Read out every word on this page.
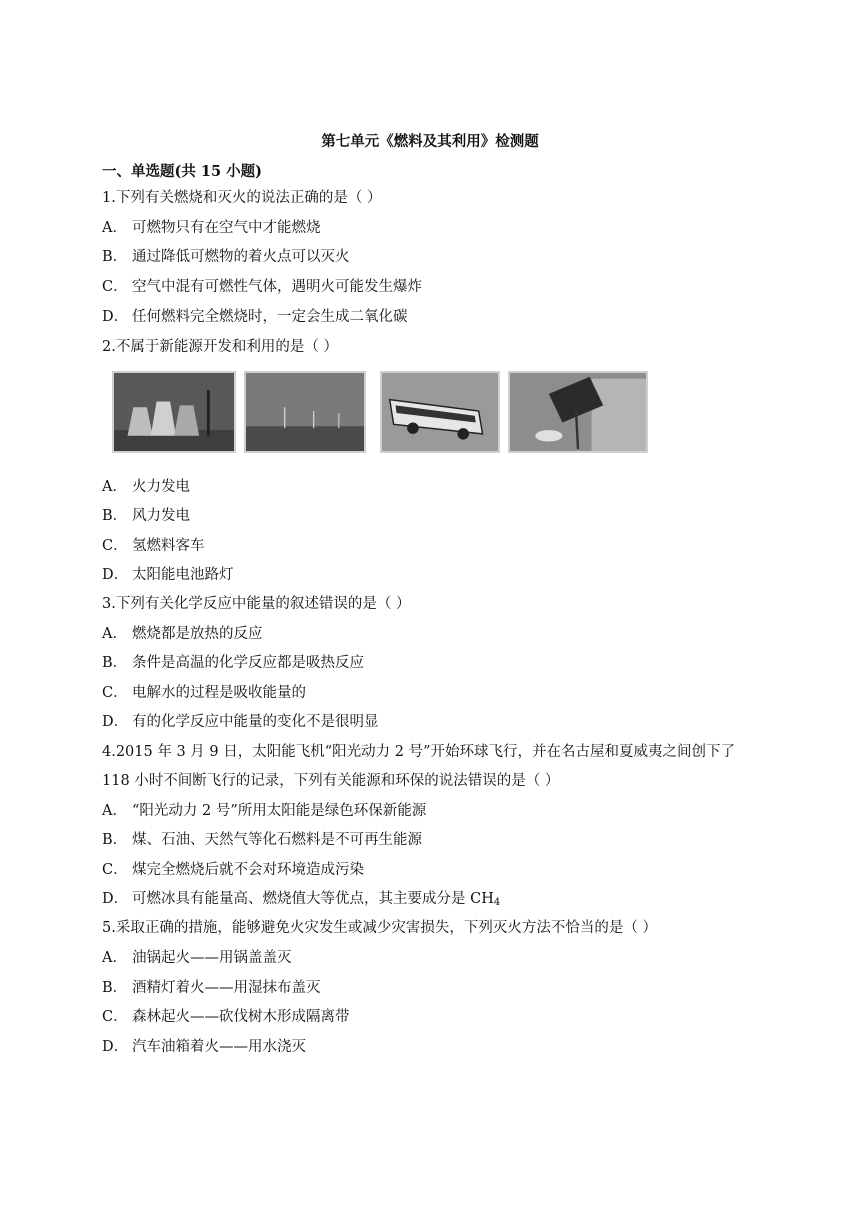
第七单元《燃料及其利用》检测题
一、单选题(共 15 小题)
1.下列有关燃烧和灭火的说法正确的是（ ）
A． 可燃物只有在空气中才能燃烧
B． 通过降低可燃物的着火点可以灭火
C． 空气中混有可燃性气体，遇明火可能发生爆炸
D． 任何燃料完全燃烧时，一定会生成二氧化碳
2.不属于新能源开发和利用的是（ ）
A． 火力发电
B． 风力发电
C． 氢燃料客车
D． 太阳能电池路灯
3.下列有关化学反应中能量的叙述错误的是（ ）
A． 燃烧都是放热的反应
B． 条件是高温的化学反应都是吸热反应
C． 电解水的过程是吸收能量的
D． 有的化学反应中能量的变化不是很明显
4.2015 年 3 月 9 日，太阳能飞机“阳光动力 2 号”开始环球飞行，并在名古屋和夏威夷之间创下了
118 小时不间断飞行的记录，下列有关能源和环保的说法错误的是（ ）
A． “阳光动力 2 号”所用太阳能是绿色环保新能源
B． 煤、石油、天然气等化石燃料是不可再生能源
C． 煤完全燃烧后就不会对环境造成污染
D． 可燃冰具有能量高、燃烧值大等优点，其主要成分是 $CH_4$
5.采取正确的措施，能够避免火灾发生或减少灾害损失，下列灭火方法不恰当的是（ ）
A． 油锅起火——用锅盖盖灭
B． 酒精灯着火——用湿抹布盖灭
C． 森林起火——砍伐树木形成隔离带
D． 汽车油箱着火——用水浇灭
